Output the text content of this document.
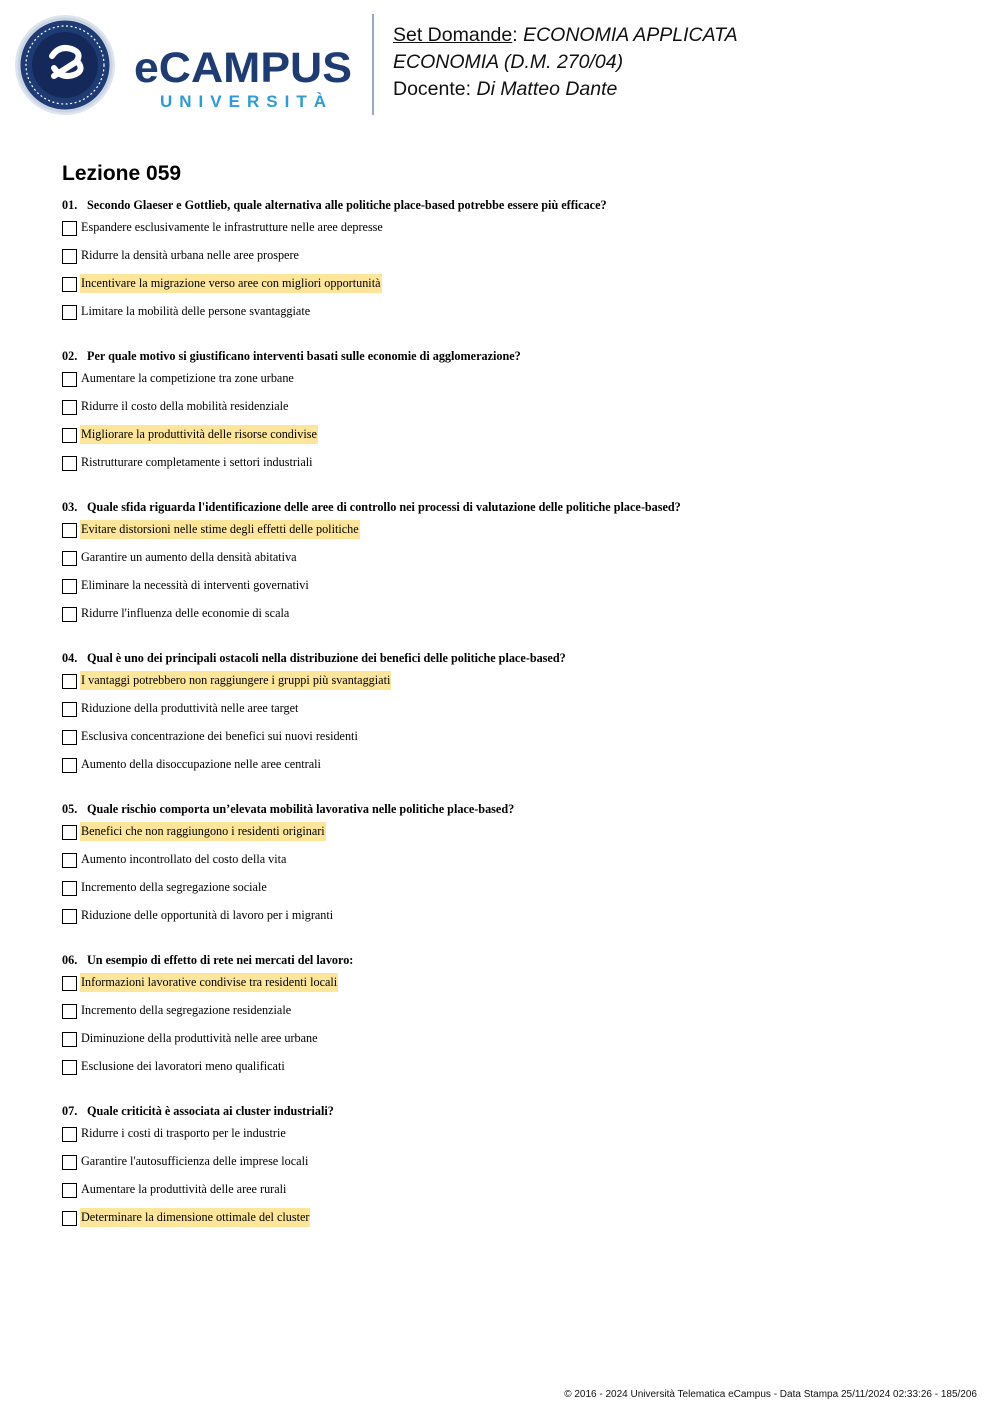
eCAMPUS
UNIVERSITÀ
Set Domande: ECONOMIA APPLICATA
ECONOMIA (D.M. 270/04)
Docente: Di Matteo Dante
Lezione 059
01. Secondo Glaeser e Gottlieb, quale alternativa alle politiche place-based potrebbe essere più efficace?
Espandere esclusivamente le infrastrutture nelle aree depresse
Ridurre la densità urbana nelle aree prospere
Incentivare la migrazione verso aree con migliori opportunità
Limitare la mobilità delle persone svantaggiate
02. Per quale motivo si giustificano interventi basati sulle economie di agglomerazione?
Aumentare la competizione tra zone urbane
Ridurre il costo della mobilità residenziale
Migliorare la produttività delle risorse condivise
Ristrutturare completamente i settori industriali
03. Quale sfida riguarda l'identificazione delle aree di controllo nei processi di valutazione delle politiche place-based?
Evitare distorsioni nelle stime degli effetti delle politiche
Garantire un aumento della densità abitativa
Eliminare la necessità di interventi governativi
Ridurre l'influenza delle economie di scala
04. Qual è uno dei principali ostacoli nella distribuzione dei benefici delle politiche place-based?
I vantaggi potrebbero non raggiungere i gruppi più svantaggiati
Riduzione della produttività nelle aree target
Esclusiva concentrazione dei benefici sui nuovi residenti
Aumento della disoccupazione nelle aree centrali
05. Quale rischio comporta un’elevata mobilità lavorativa nelle politiche place-based?
Benefici che non raggiungono i residenti originari
Aumento incontrollato del costo della vita
Incremento della segregazione sociale
Riduzione delle opportunità di lavoro per i migranti
06. Un esempio di effetto di rete nei mercati del lavoro:
Informazioni lavorative condivise tra residenti locali
Incremento della segregazione residenziale
Diminuzione della produttività nelle aree urbane
Esclusione dei lavoratori meno qualificati
07. Quale criticità è associata ai cluster industriali?
Ridurre i costi di trasporto per le industrie
Garantire l'autosufficienza delle imprese locali
Aumentare la produttività delle aree rurali
Determinare la dimensione ottimale del cluster
© 2016 - 2024 Università Telematica eCampus - Data Stampa 25/11/2024 02:33:26 - 185/206
